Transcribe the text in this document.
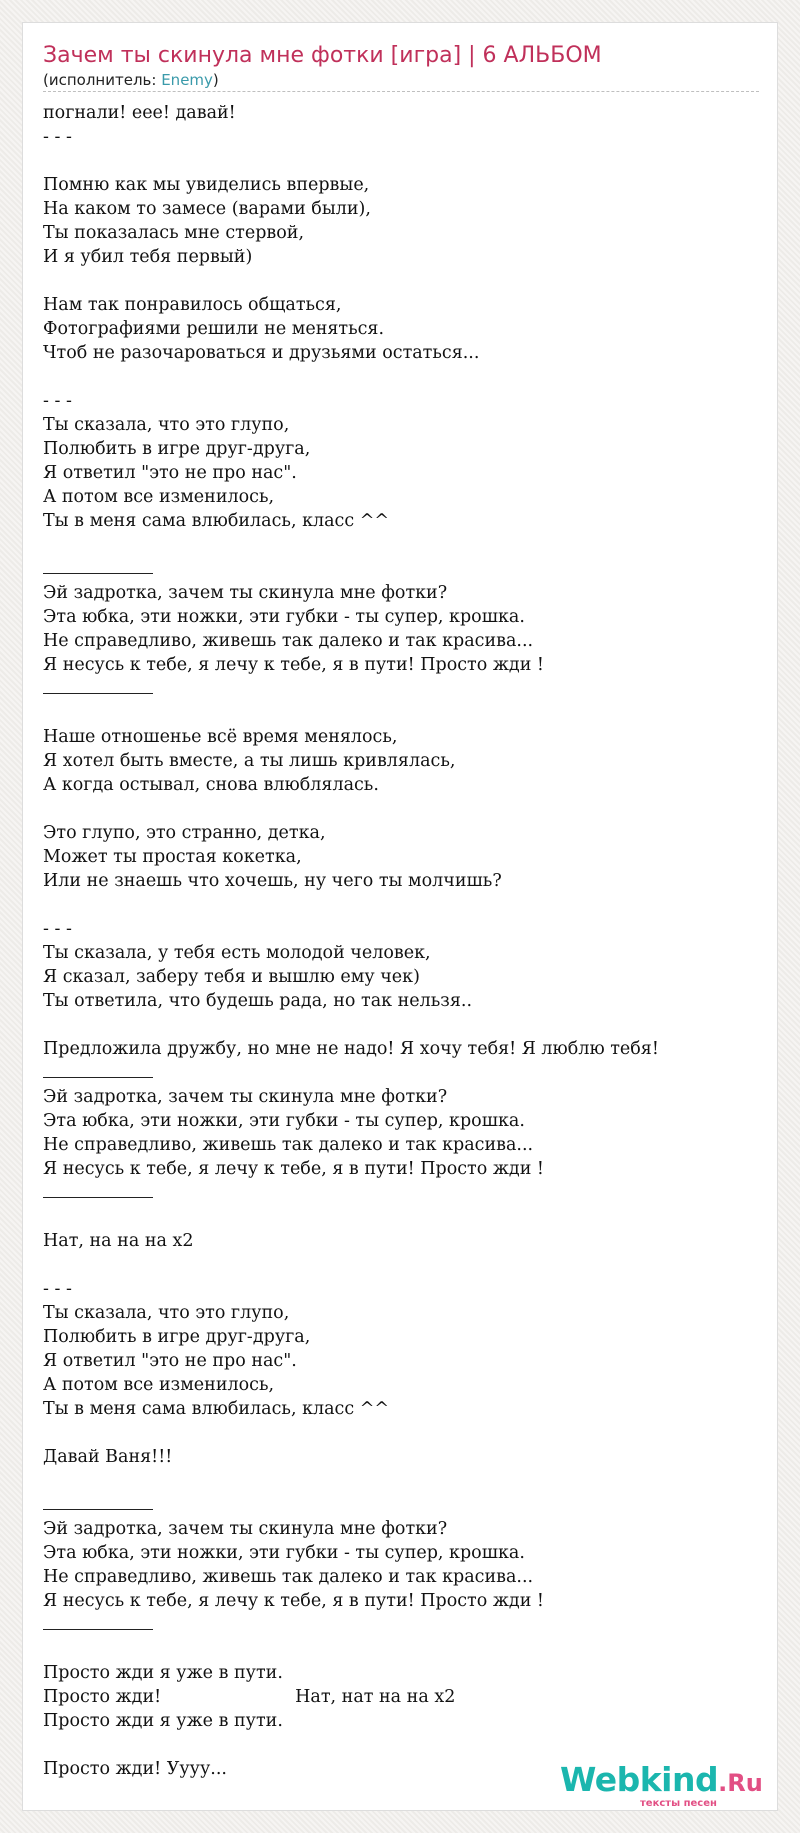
Зачем ты скинула мне фотки [игра] | 6 АЛЬБОМ
(исполнитель: Enemy)
погнали! еее! давай!
- - -
Помню как мы увиделись впервые,
На каком то замесе (варами были),
Ты показалась мне стервой,
И я убил тебя первый)
Нам так понравилось общаться,
Фотографиями решили не меняться.
Чтоб не разочароваться и друзьями остаться...
- - -
Ты сказала, что это глупо,
Полюбить в игре друг-друга,
Я ответил "это не про нас".
А потом все изменилось,
Ты в меня сама влюбилась, класс ^^
Эй задротка, зачем ты скинула мне фотки?
Эта юбка, эти ножки, эти губки - ты супер, крошка.
Не справедливо, живешь так далеко и так красива...
Я несусь к тебе, я лечу к тебе, я в пути! Просто жди !
Наше отношенье всё время менялось,
Я хотел быть вместе, а ты лишь кривлялась,
А когда остывал, снова влюблялась.
Это глупо, это странно, детка,
Может ты простая кокетка,
Или не знаешь что хочешь, ну чего ты молчишь?
- - -
Ты сказала, у тебя есть молодой человек,
Я сказал, заберу тебя и вышлю ему чек)
Ты ответила, что будешь рада, но так нельзя..
Предложила дружбу, но мне не надо! Я хочу тебя! Я люблю тебя!
Эй задротка, зачем ты скинула мне фотки?
Эта юбка, эти ножки, эти губки - ты супер, крошка.
Не справедливо, живешь так далеко и так красива...
Я несусь к тебе, я лечу к тебе, я в пути! Просто жди !
Нат, на на на х2
- - -
Ты сказала, что это глупо,
Полюбить в игре друг-друга,
Я ответил "это не про нас".
А потом все изменилось,
Ты в меня сама влюбилась, класс ^^
Давай Ваня!!!
Эй задротка, зачем ты скинула мне фотки?
Эта юбка, эти ножки, эти губки - ты супер, крошка.
Не справедливо, живешь так далеко и так красива...
Я несусь к тебе, я лечу к тебе, я в пути! Просто жди !
Просто жди я уже в пути.
Просто жди!	Нат, нат на на х2
Просто жди я уже в пути.
Просто жди! Уууу...	Webkind.Ru
тексты песен
